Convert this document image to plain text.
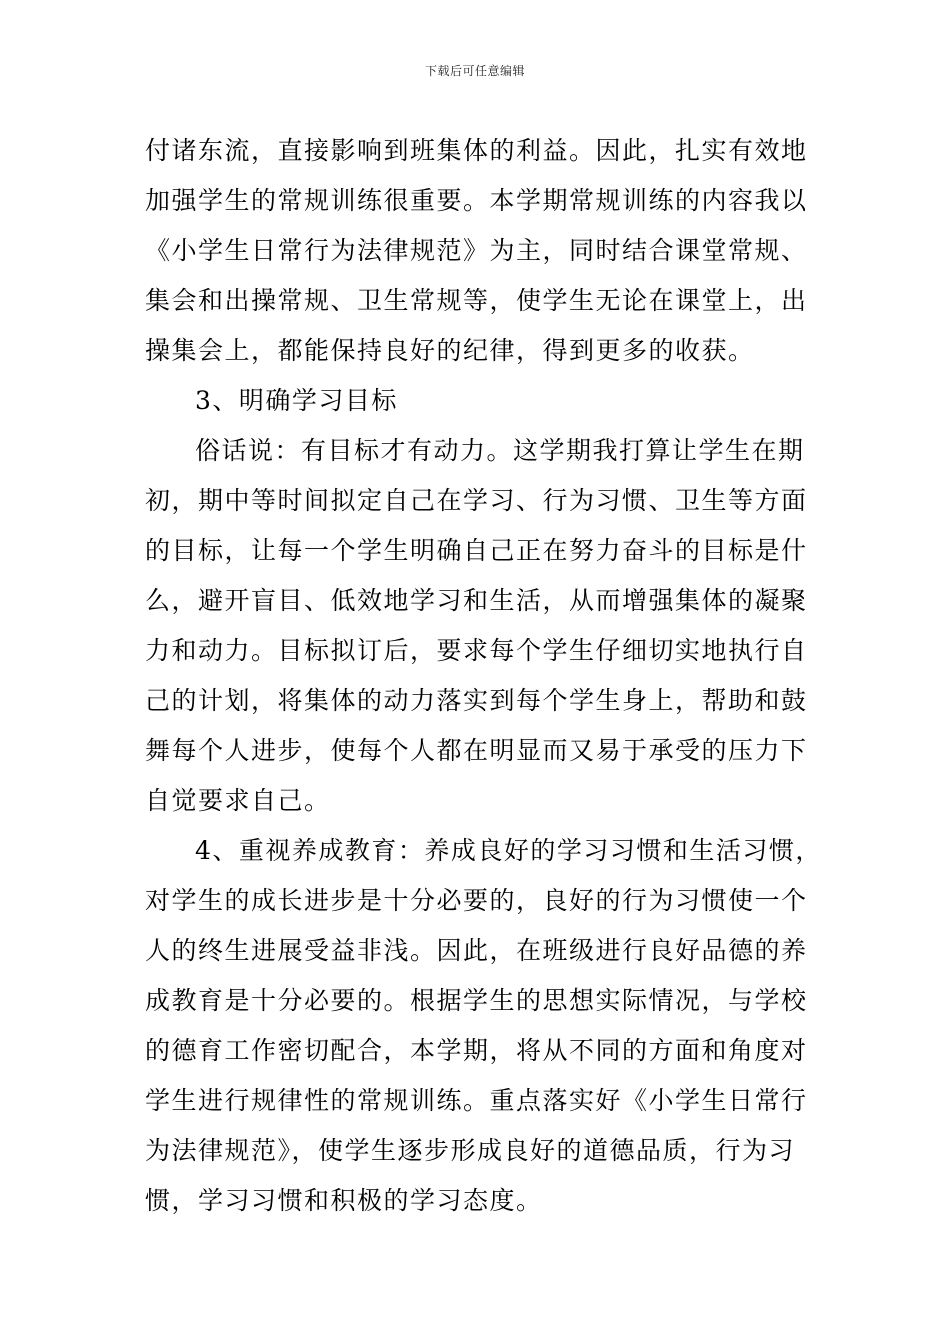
下载后可任意编辑
付诸东流，直接影响到班集体的利益。因此，扎实有效地
加强学生的常规训练很重要。本学期常规训练的内容我以
《小学生日常行为法律规范》为主，同时结合课堂常规、
集会和出操常规、卫生常规等，使学生无论在课堂上，出
操集会上，都能保持良好的纪律，得到更多的收获。
3、明确学习目标
俗话说：有目标才有动力。这学期我打算让学生在期
初，期中等时间拟定自己在学习、行为习惯、卫生等方面
的目标，让每一个学生明确自己正在努力奋斗的目标是什
么，避开盲目、低效地学习和生活，从而增强集体的凝聚
力和动力。目标拟订后，要求每个学生仔细切实地执行自
己的计划，将集体的动力落实到每个学生身上，帮助和鼓
舞每个人进步，使每个人都在明显而又易于承受的压力下
自觉要求自己。
4、重视养成教育：养成良好的学习习惯和生活习惯，
对学生的成长进步是十分必要的，良好的行为习惯使一个
人的终生进展受益非浅。因此，在班级进行良好品德的养
成教育是十分必要的。根据学生的思想实际情况，与学校
的德育工作密切配合，本学期，将从不同的方面和角度对
学生进行规律性的常规训练。重点落实好《小学生日常行
为法律规范》，使学生逐步形成良好的道德品质，行为习
惯，学习习惯和积极的学习态度。
